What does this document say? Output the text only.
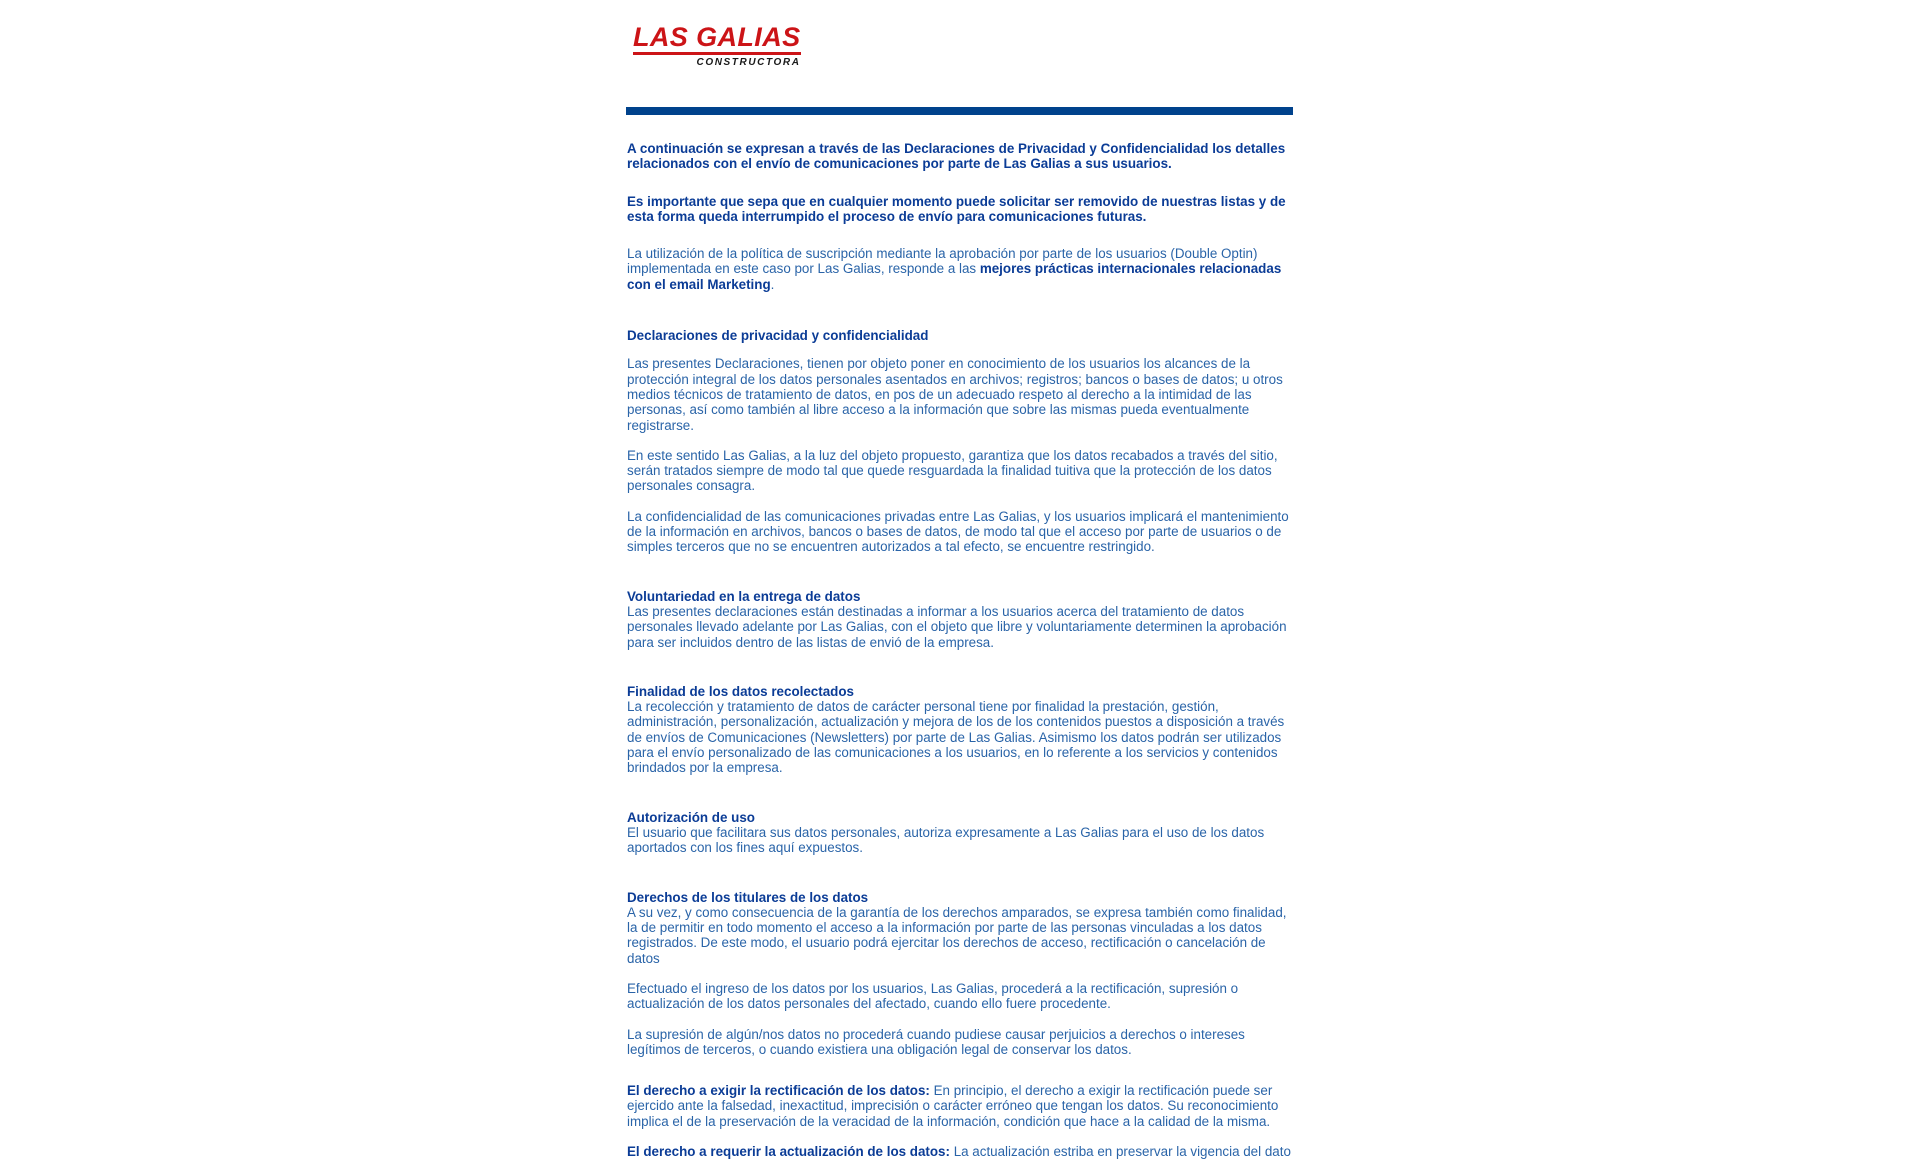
LAS GALIAS
CONSTRUCTORA

A continuación se expresan a través de las Declaraciones de Privacidad y Confidencialidad los detalles relacionados con el envío de comunicaciones por parte de Las Galias a sus usuarios.

Es importante que sepa que en cualquier momento puede solicitar ser removido de nuestras listas y de esta forma queda interrumpido el proceso de envío para comunicaciones futuras.

La utilización de la política de suscripción mediante la aprobación por parte de los usuarios (Double Optin) implementada en este caso por Las Galias, responde a las mejores prácticas internacionales relacionadas con el email Marketing.

Declaraciones de privacidad y confidencialidad

Las presentes Declaraciones, tienen por objeto poner en conocimiento de los usuarios los alcances de la protección integral de los datos personales asentados en archivos; registros; bancos o bases de datos; u otros medios técnicos de tratamiento de datos, en pos de un adecuado respeto al derecho a la intimidad de las personas, así como también al libre acceso a la información que sobre las mismas pueda eventualmente registrarse.

En este sentido Las Galias, a la luz del objeto propuesto, garantiza que los datos recabados a través del sitio, serán tratados siempre de modo tal que quede resguardada la finalidad tuitiva que la protección de los datos personales consagra.

La confidencialidad de las comunicaciones privadas entre Las Galias, y los usuarios implicará el mantenimiento de la información en archivos, bancos o bases de datos, de modo tal que el acceso por parte de usuarios o de simples terceros que no se encuentren autorizados a tal efecto, se encuentre restringido.

Voluntariedad en la entrega de datos

Las presentes declaraciones están destinadas a informar a los usuarios acerca del tratamiento de datos personales llevado adelante por Las Galias, con el objeto que libre y voluntariamente determinen la aprobación para ser incluidos dentro de las listas de envió de la empresa.

Finalidad de los datos recolectados

La recolección y tratamiento de datos de carácter personal tiene por finalidad la prestación, gestión, administración, personalización, actualización y mejora de los de los contenidos puestos a disposición a través de envíos de Comunicaciones (Newsletters) por parte de Las Galias. Asimismo los datos podrán ser utilizados para el envío personalizado de las comunicaciones a los usuarios, en lo referente a los servicios y contenidos brindados por la empresa.

Autorización de uso

El usuario que facilitara sus datos personales, autoriza expresamente a Las Galias para el uso de los datos aportados con los fines aquí expuestos.

Derechos de los titulares de los datos

A su vez, y como consecuencia de la garantía de los derechos amparados, se expresa también como finalidad, la de permitir en todo momento el acceso a la información por parte de las personas vinculadas a los datos registrados. De este modo, el usuario podrá ejercitar los derechos de acceso, rectificación o cancelación de datos

Efectuado el ingreso de los datos por los usuarios, Las Galias, procederá a la rectificación, supresión o actualización de los datos personales del afectado, cuando ello fuere procedente.

La supresión de algún/nos datos no procederá cuando pudiese causar perjuicios a derechos o intereses legítimos de terceros, o cuando existiera una obligación legal de conservar los datos.

El derecho a exigir la rectificación de los datos: En principio, el derecho a exigir la rectificación puede ser ejercido ante la falsedad, inexactitud, imprecisión o carácter erróneo que tengan los datos. Su reconocimiento implica el de la preservación de la veracidad de la información, condición que hace a la calidad de la misma.

El derecho a requerir la actualización de los datos: La actualización estriba en preservar la vigencia del dato
